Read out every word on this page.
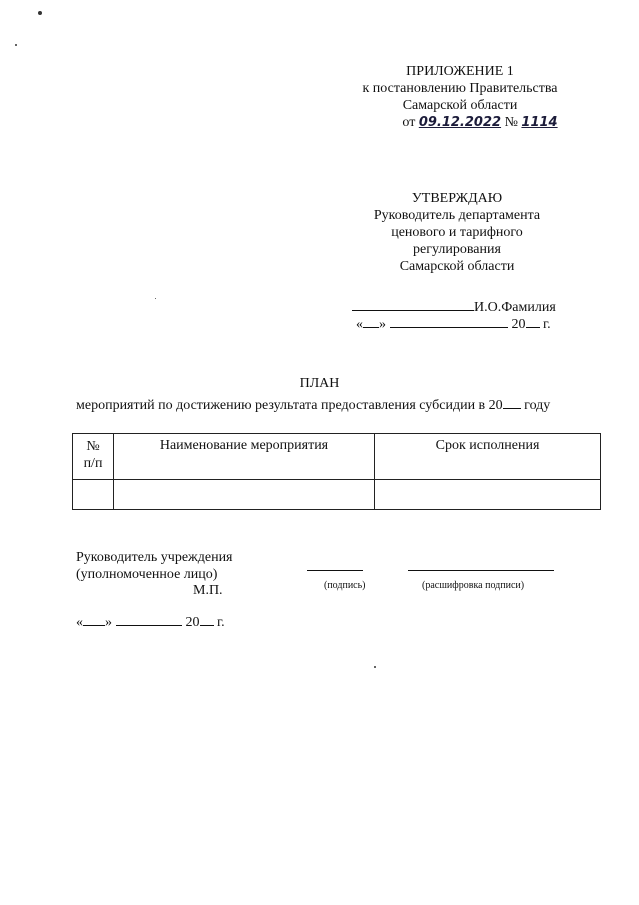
ПРИЛОЖЕНИЕ 1
к постановлению Правительства
Самарской области
от 09.12.2022 № 1114
УТВЕРЖДАЮ
Руководитель департамента
ценового и тарифного
регулирования
Самарской области
И.О.Фамилия
« »	20 г.
ПЛАН
мероприятий по достижению результата предоставления субсидии в 20 году
№
п/п	Наименование мероприятия	Срок исполнения

Руководитель учреждения
(уполномоченное лицо)
М.П.	(подпись)	(расшифровка подписи)
« »	20 г.
